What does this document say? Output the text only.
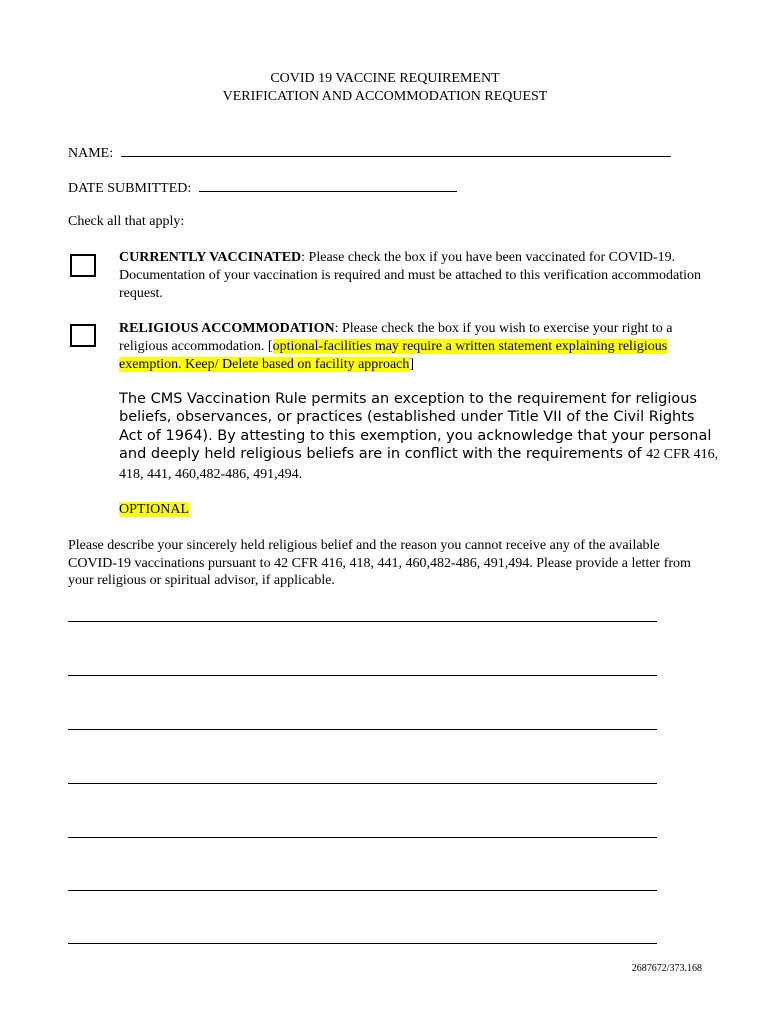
COVID 19 VACCINE REQUIREMENT
VERIFICATION AND ACCOMMODATION REQUEST
NAME:
DATE SUBMITTED:
Check all that apply:
CURRENTLY VACCINATED: Please check the box if you have been vaccinated for COVID-19. Documentation of your vaccination is required and must be attached to this verification accommodation request.
RELIGIOUS ACCOMMODATION: Please check the box if you wish to exercise your right to a religious accommodation. [optional-facilities may require a written statement explaining religious exemption. Keep/ Delete based on facility approach]
The CMS Vaccination Rule permits an exception to the requirement for religious beliefs, observances, or practices (established under Title VII of the Civil Rights Act of 1964). By attesting to this exemption, you acknowledge that your personal and deeply held religious beliefs are in conflict with the requirements of 42 CFR 416, 418, 441, 460,482-486, 491,494.
OPTIONAL
Please describe your sincerely held religious belief and the reason you cannot receive any of the available COVID-19 vaccinations pursuant to 42 CFR 416, 418, 441, 460,482-486, 491,494. Please provide a letter from your religious or spiritual advisor, if applicable.
2687672/373.168
